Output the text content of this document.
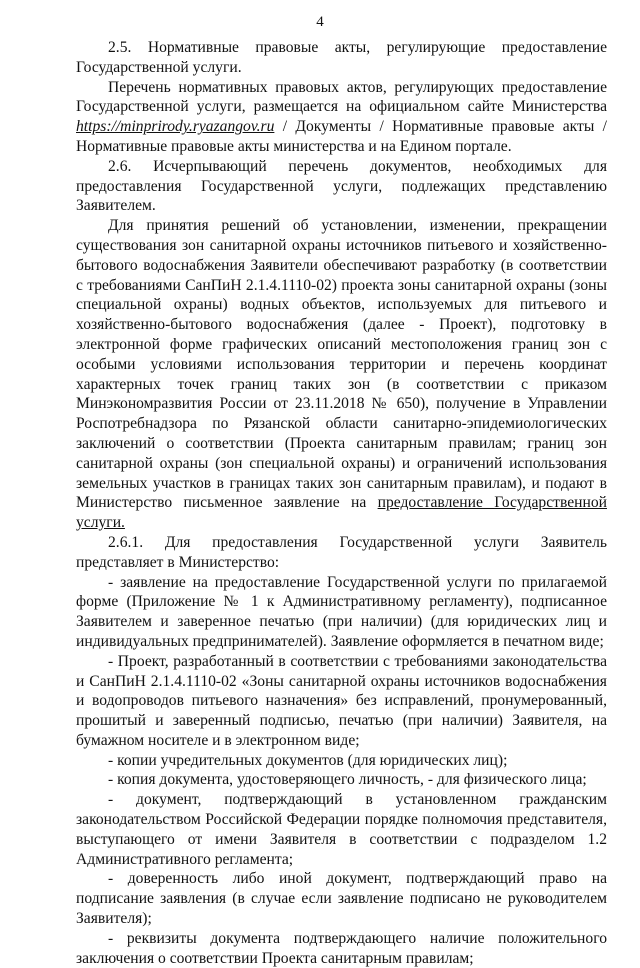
4

2.5. Нормативные правовые акты, регулирующие предоставление Государственной услуги.

Перечень нормативных правовых актов, регулирующих предоставление Государственной услуги, размещается на официальном сайте Министерства https://minprirody.ryazangov.ru / Документы / Нормативные правовые акты / Нормативные правовые акты министерства и на Едином портале.

2.6. Исчерпывающий перечень документов, необходимых для предоставления Государственной услуги, подлежащих представлению Заявителем.

Для принятия решений об установлении, изменении, прекращении существования зон санитарной охраны источников питьевого и хозяйственно-бытового водоснабжения Заявители обеспечивают разработку (в соответствии с требованиями СанПиН 2.1.4.1110-02) проекта зоны санитарной охраны (зоны специальной охраны) водных объектов, используемых для питьевого и хозяйственно-бытового водоснабжения (далее - Проект), подготовку в электронной форме графических описаний местоположения границ зон с особыми условиями использования территории и перечень координат характерных точек границ таких зон (в соответствии с приказом Минэкономразвития России от 23.11.2018 № 650), получение в Управлении Роспотребнадзора по Рязанской области санитарно-эпидемиологических заключений о соответствии (Проекта санитарным правилам; границ зон санитарной охраны (зон специальной охраны) и ограничений использования земельных участков в границах таких зон санитарным правилам), и подают в Министерство письменное заявление на предоставление Государственной услуги.

2.6.1. Для предоставления Государственной услуги Заявитель представляет в Министерство:

- заявление на предоставление Государственной услуги по прилагаемой форме (Приложение № 1 к Административному регламенту), подписанное Заявителем и заверенное печатью (при наличии) (для юридических лиц и индивидуальных предпринимателей). Заявление оформляется в печатном виде;

- Проект, разработанный в соответствии с требованиями законодательства и СанПиН 2.1.4.1110-02 «Зоны санитарной охраны источников водоснабжения и водопроводов питьевого назначения» без исправлений, пронумерованный, прошитый и заверенный подписью, печатью (при наличии) Заявителя, на бумажном носителе и в электронном виде;

- копии учредительных документов (для юридических лиц);

- копия документа, удостоверяющего личность, - для физического лица;

- документ, подтверждающий в установленном гражданским законодательством Российской Федерации порядке полномочия представителя, выступающего от имени Заявителя в соответствии с подразделом 1.2 Административного регламента;

- доверенность либо иной документ, подтверждающий право на подписание заявления (в случае если заявление подписано не руководителем Заявителя);

- реквизиты документа подтверждающего наличие положительного заключения о соответствии Проекта санитарным правилам;
